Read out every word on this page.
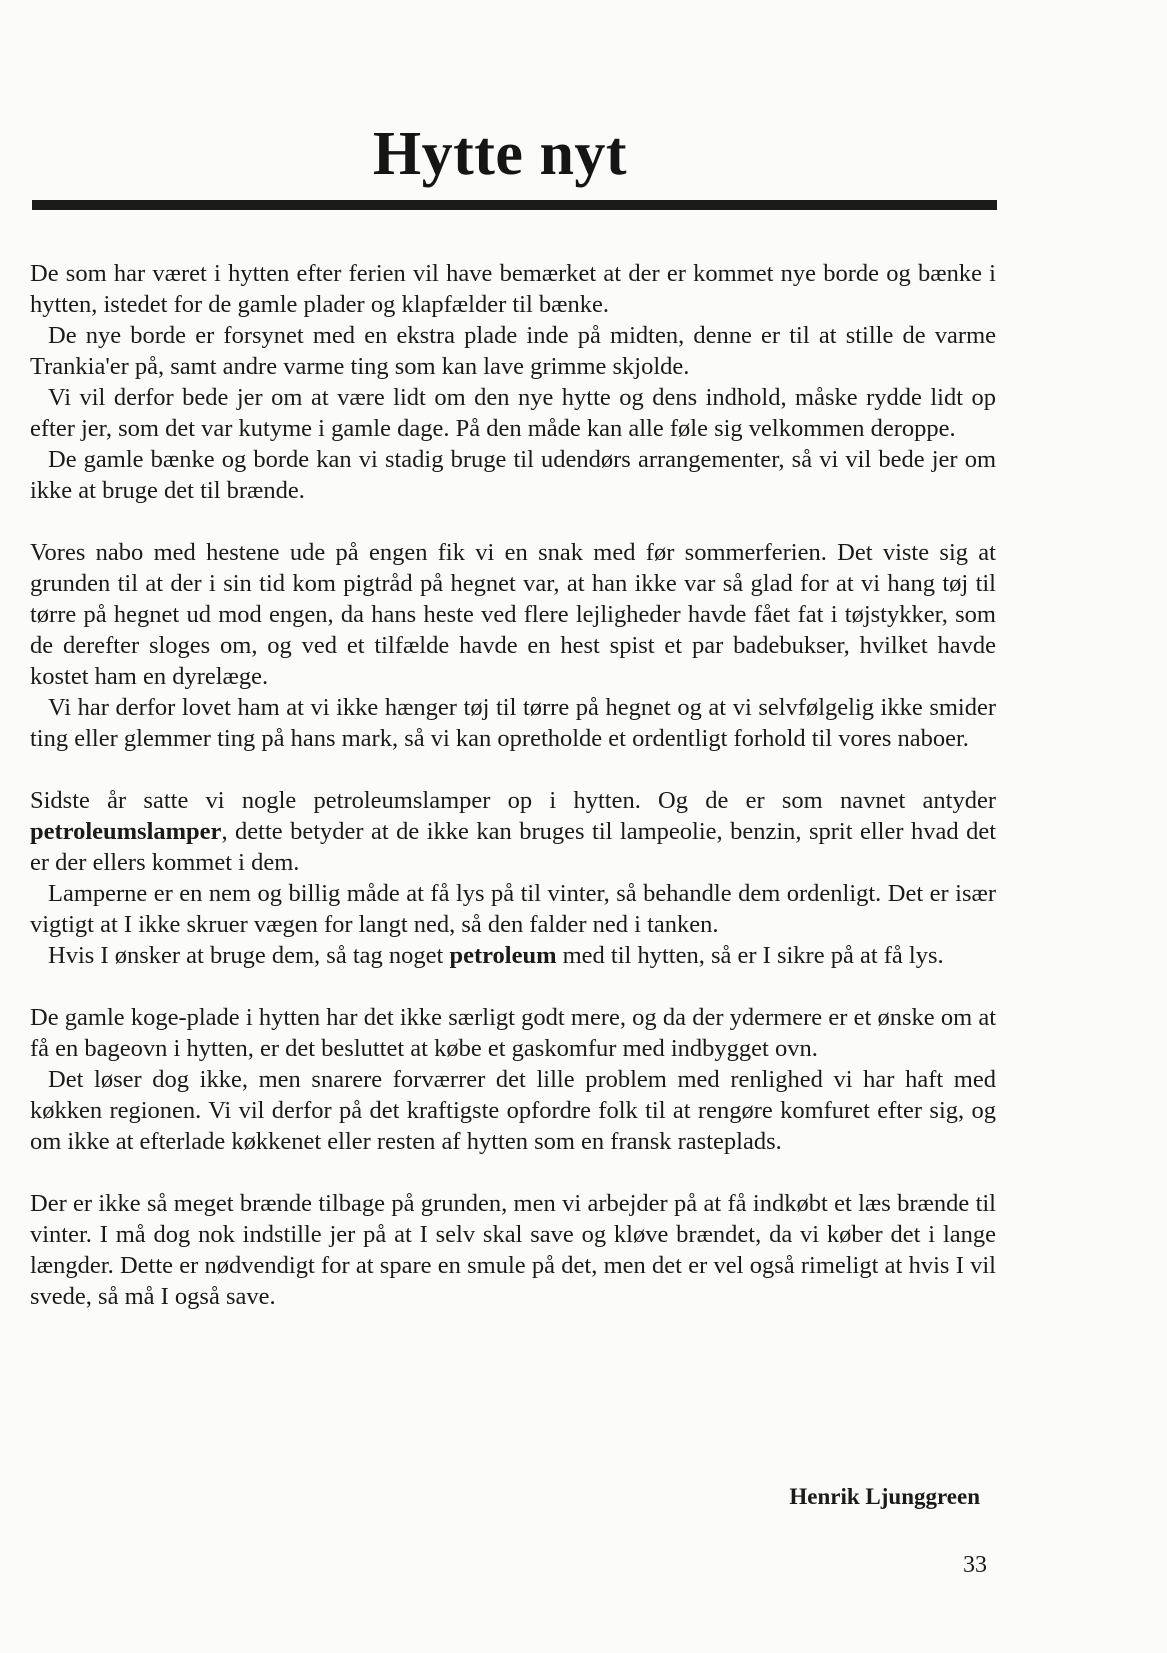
Hytte nyt

De som har været i hytten efter ferien vil have bemærket at der er kommet nye borde og bænke i hytten, istedet for de gamle plader og klapfælder til bænke.

De nye borde er forsynet med en ekstra plade inde på midten, denne er til at stille de varme Trankia'er på, samt andre varme ting som kan lave grimme skjolde.

Vi vil derfor bede jer om at være lidt om den nye hytte og dens indhold, måske rydde lidt op efter jer, som det var kutyme i gamle dage. På den måde kan alle føle sig velkommen deroppe.

De gamle bænke og borde kan vi stadig bruge til udendørs arrangementer, så vi vil bede jer om ikke at bruge det til brænde.

Vores nabo med hestene ude på engen fik vi en snak med før sommerferien. Det viste sig at grunden til at der i sin tid kom pigtråd på hegnet var, at han ikke var så glad for at vi hang tøj til tørre på hegnet ud mod engen, da hans heste ved flere lejligheder havde fået fat i tøjstykker, som de derefter sloges om, og ved et tilfælde havde en hest spist et par badebukser, hvilket havde kostet ham en dyrelæge.

Vi har derfor lovet ham at vi ikke hænger tøj til tørre på hegnet og at vi selvfølgelig ikke smider ting eller glemmer ting på hans mark, så vi kan opretholde et ordentligt forhold til vores naboer.

Sidste år satte vi nogle petroleumslamper op i hytten. Og de er som navnet antyder petroleumslamper, dette betyder at de ikke kan bruges til lampeolie, benzin, sprit eller hvad det er der ellers kommet i dem.

Lamperne er en nem og billig måde at få lys på til vinter, så behandle dem ordenligt. Det er især vigtigt at I ikke skruer vægen for langt ned, så den falder ned i tanken.

Hvis I ønsker at bruge dem, så tag noget petroleum med til hytten, så er I sikre på at få lys.

De gamle koge-plade i hytten har det ikke særligt godt mere, og da der ydermere er et ønske om at få en bageovn i hytten, er det besluttet at købe et gaskomfur med indbygget ovn.

Det løser dog ikke, men snarere forværrer det lille problem med renlighed vi har haft med køkken regionen. Vi vil derfor på det kraftigste opfordre folk til at rengøre komfuret efter sig, og om ikke at efterlade køkkenet eller resten af hytten som en fransk rasteplads.

Der er ikke så meget brænde tilbage på grunden, men vi arbejder på at få indkøbt et læs brænde til vinter. I må dog nok indstille jer på at I selv skal save og kløve brændet, da vi køber det i lange længder. Dette er nødvendigt for at spare en smule på det, men det er vel også rimeligt at hvis I vil svede, så må I også save.

Henrik Ljunggreen
33
